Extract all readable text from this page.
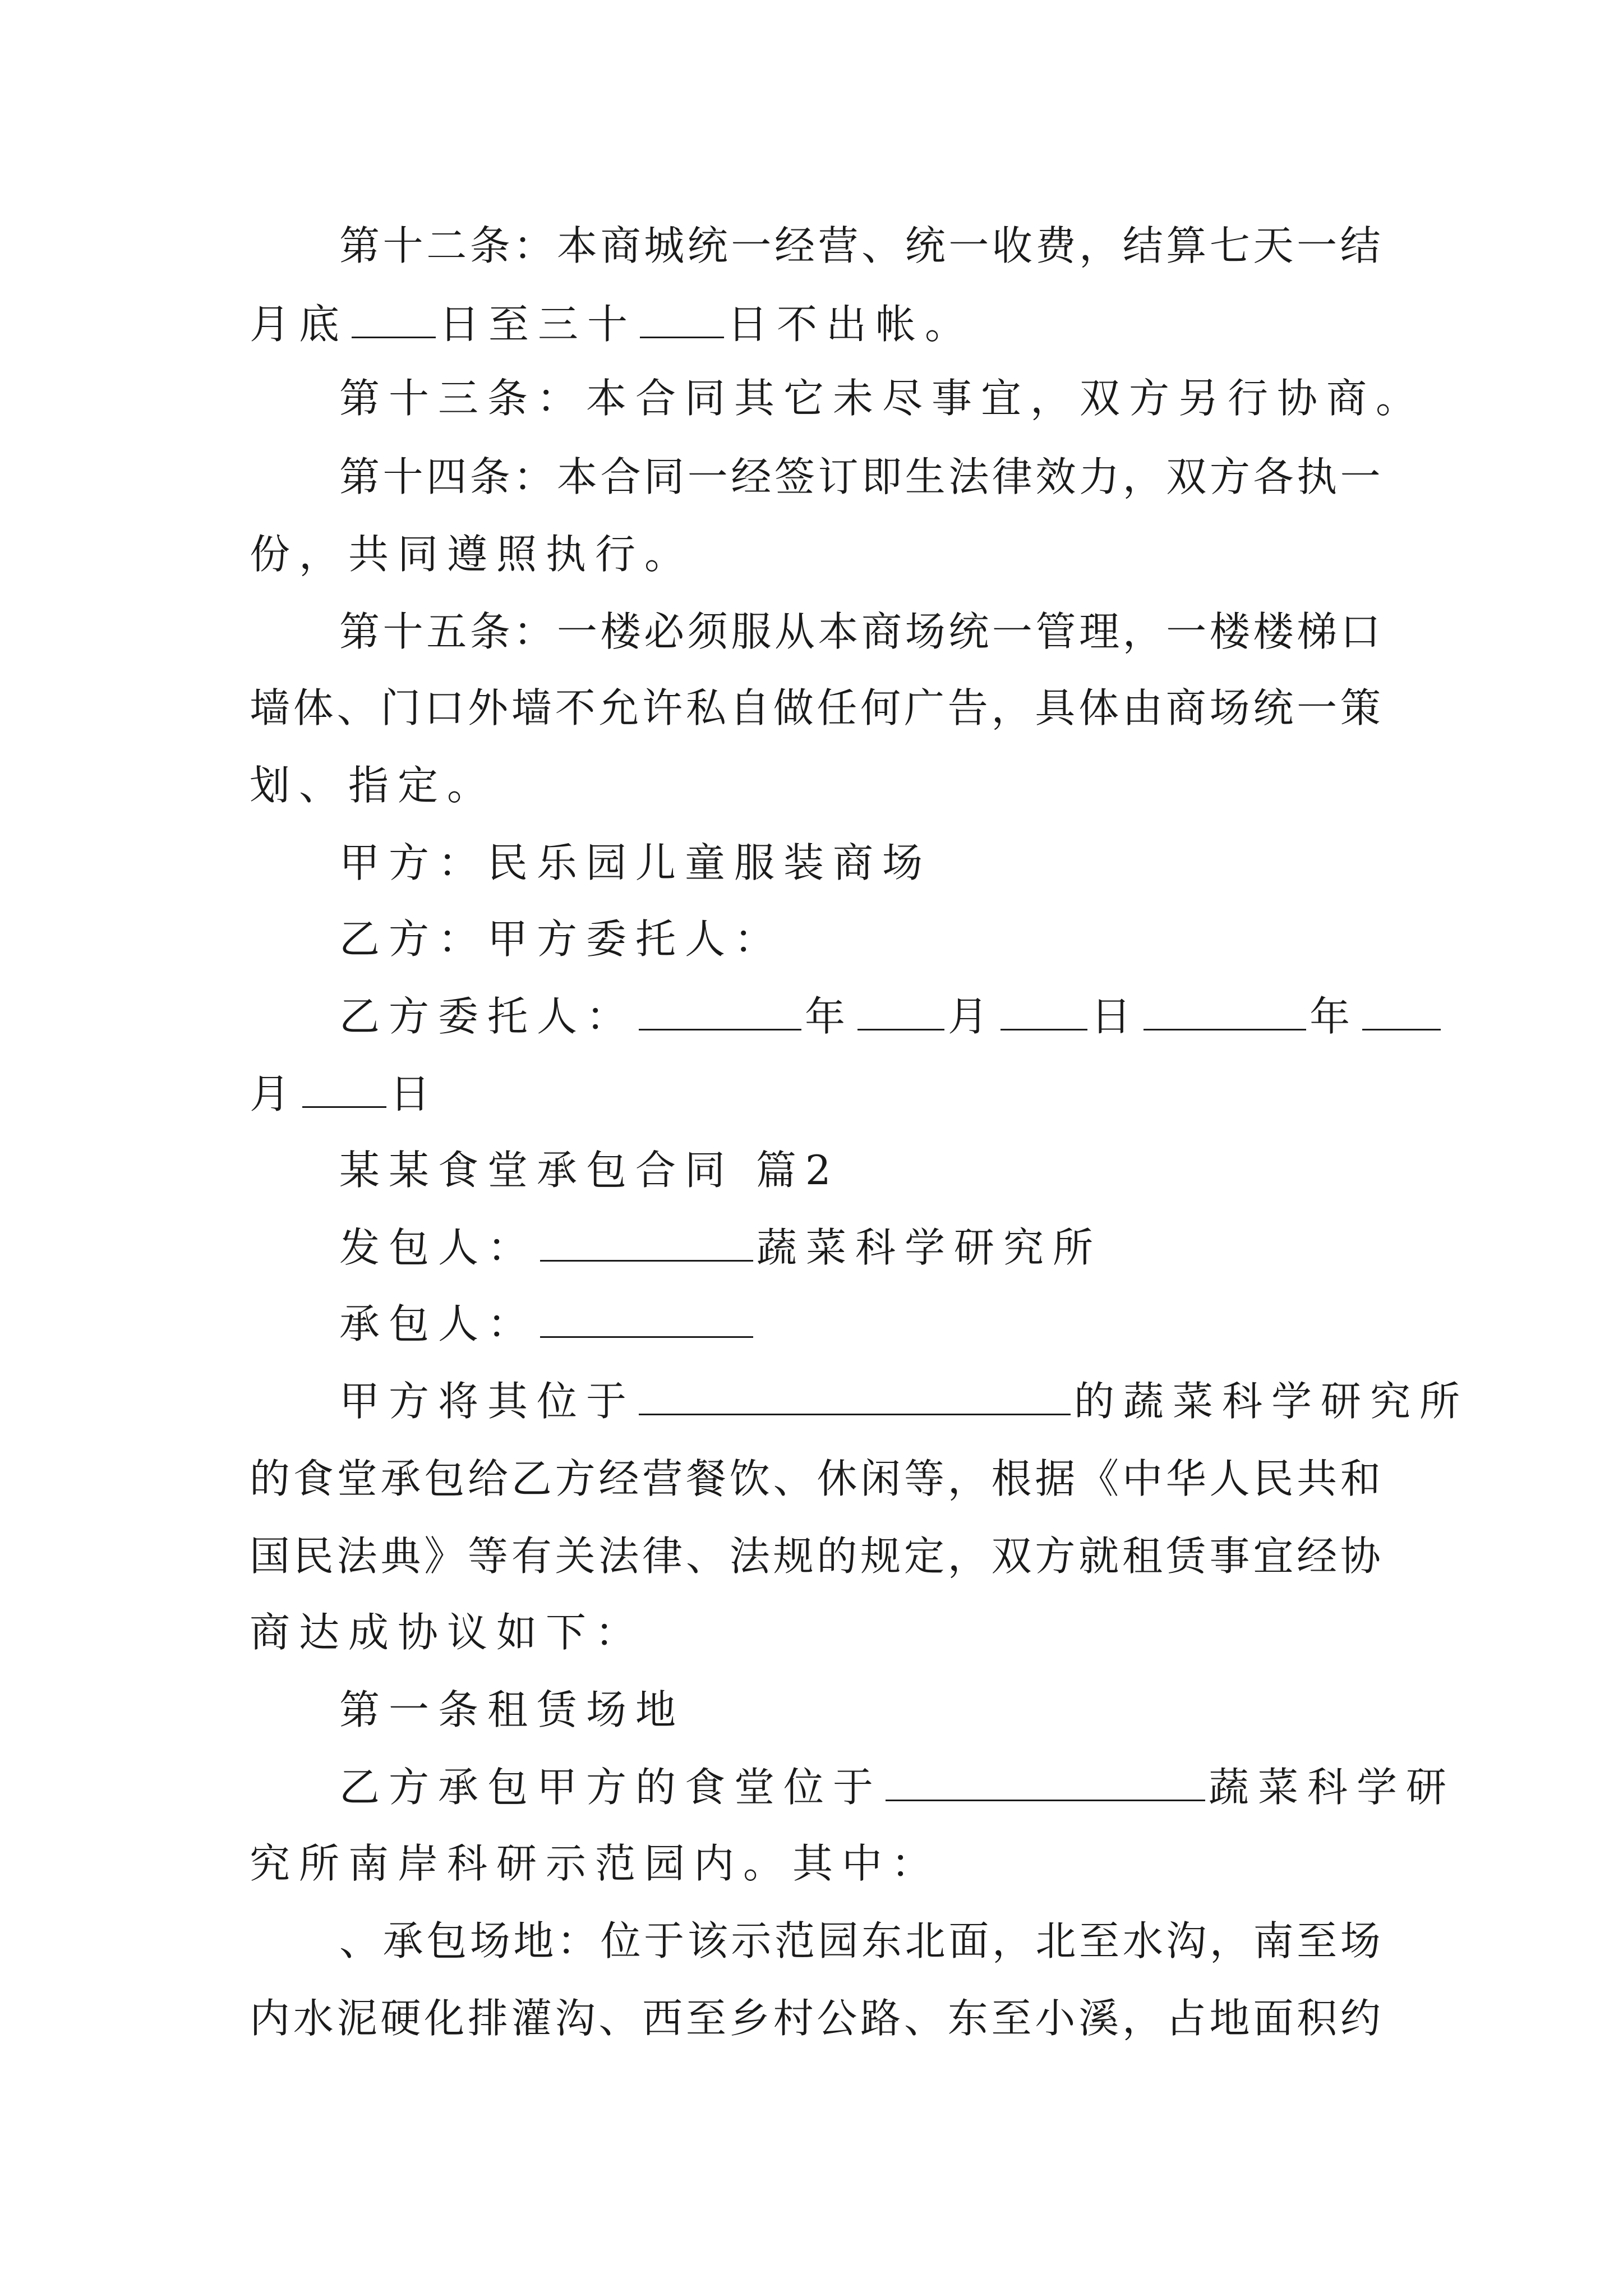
第 十 二 条 ： 本 商 城 统 一 经 营 、 统 一 收 费 ， 结 算 七 天 一 结
月底 日至三十 日不出帐。
第十三条：本合同其它未尽事宜，双方另行协商。
第 十 四 条 ： 本 合 同 一 经 签 订 即 生 法 律 效 力 ， 双 方 各 执 一
份，共同遵照执行。
第 十 五 条 ： 一 楼 必 须 服 从 本 商 场 统 一 管 理 ， 一 楼 楼 梯 口
墙 体 、 门 口 外 墙 不 允 许 私 自 做 任 何 广 告 ， 具 体 由 商 场 统 一 策
划、指定。
甲方：民乐园儿童服装商场
乙方：甲方委托人：
乙方委托人：	年 月 日	年
月 日
某某食堂承包合同 篇2
发包人：	蔬菜科学研究所
承包人：
甲方将其位于	的蔬菜科学研究所
的 食 堂 承 包 给 乙 方 经 营 餐 饮 、 休 闲 等 ， 根 据 《 中 华 人 民 共 和
国 民 法 典 》 等 有 关 法 律 、 法 规 的 规 定 ， 双 方 就 租 赁 事 宜 经 协
商达成协议如下：
第一条租赁场地
乙方承包甲方的食堂位于	蔬菜科学研
究所南岸科研示范园内。其中：
、 承 包 场 地 ： 位 于 该 示 范 园 东 北 面 ， 北 至 水 沟 ， 南 至 场
内 水 泥 硬 化 排 灌 沟 、 西 至 乡 村 公 路 、 东 至 小 溪 ， 占 地 面 积 约
